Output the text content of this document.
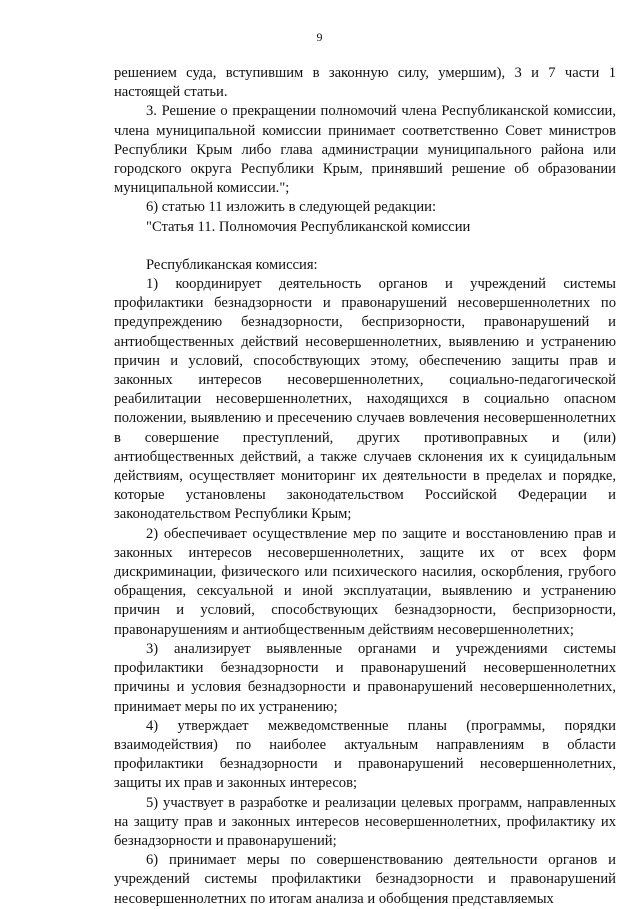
9

решением суда, вступившим в законную силу, умершим), 3 и 7 части 1 настоящей статьи.

3. Решение о прекращении полномочий члена Республиканской комиссии, члена муниципальной комиссии принимает соответственно Совет министров Республики Крым либо глава администрации муниципального района или городского округа Республики Крым, принявший решение об образовании муниципальной комиссии.";

6) статью 11 изложить в следующей редакции:

"Статья 11. Полномочия Республиканской комиссии

Республиканская комиссия:

1) координирует деятельность органов и учреждений системы профилактики безнадзорности и правонарушений несовершеннолетних по предупреждению безнадзорности, беспризорности, правонарушений и антиобщественных действий несовершеннолетних, выявлению и устранению причин и условий, способствующих этому, обеспечению защиты прав и законных интересов несовершеннолетних, социально-педагогической реабилитации несовершеннолетних, находящихся в социально опасном положении, выявлению и пресечению случаев вовлечения несовершеннолетних в совершение преступлений, других противоправных и (или) антиобщественных действий, а также случаев склонения их к суицидальным действиям, осуществляет мониторинг их деятельности в пределах и порядке, которые установлены законодательством Российской Федерации и законодательством Республики Крым;

2) обеспечивает осуществление мер по защите и восстановлению прав и законных интересов несовершеннолетних, защите их от всех форм дискриминации, физического или психического насилия, оскорбления, грубого обращения, сексуальной и иной эксплуатации, выявлению и устранению причин и условий, способствующих безнадзорности, беспризорности, правонарушениям и антиобщественным действиям несовершеннолетних;

3) анализирует выявленные органами и учреждениями системы профилактики безнадзорности и правонарушений несовершеннолетних причины и условия безнадзорности и правонарушений несовершеннолетних, принимает меры по их устранению;

4) утверждает межведомственные планы (программы, порядки взаимодействия) по наиболее актуальным направлениям в области профилактики безнадзорности и правонарушений несовершеннолетних, защиты их прав и законных интересов;

5) участвует в разработке и реализации целевых программ, направленных на защиту прав и законных интересов несовершеннолетних, профилактику их безнадзорности и правонарушений;

6) принимает меры по совершенствованию деятельности органов и учреждений системы профилактики безнадзорности и правонарушений несовершеннолетних по итогам анализа и обобщения представляемых
